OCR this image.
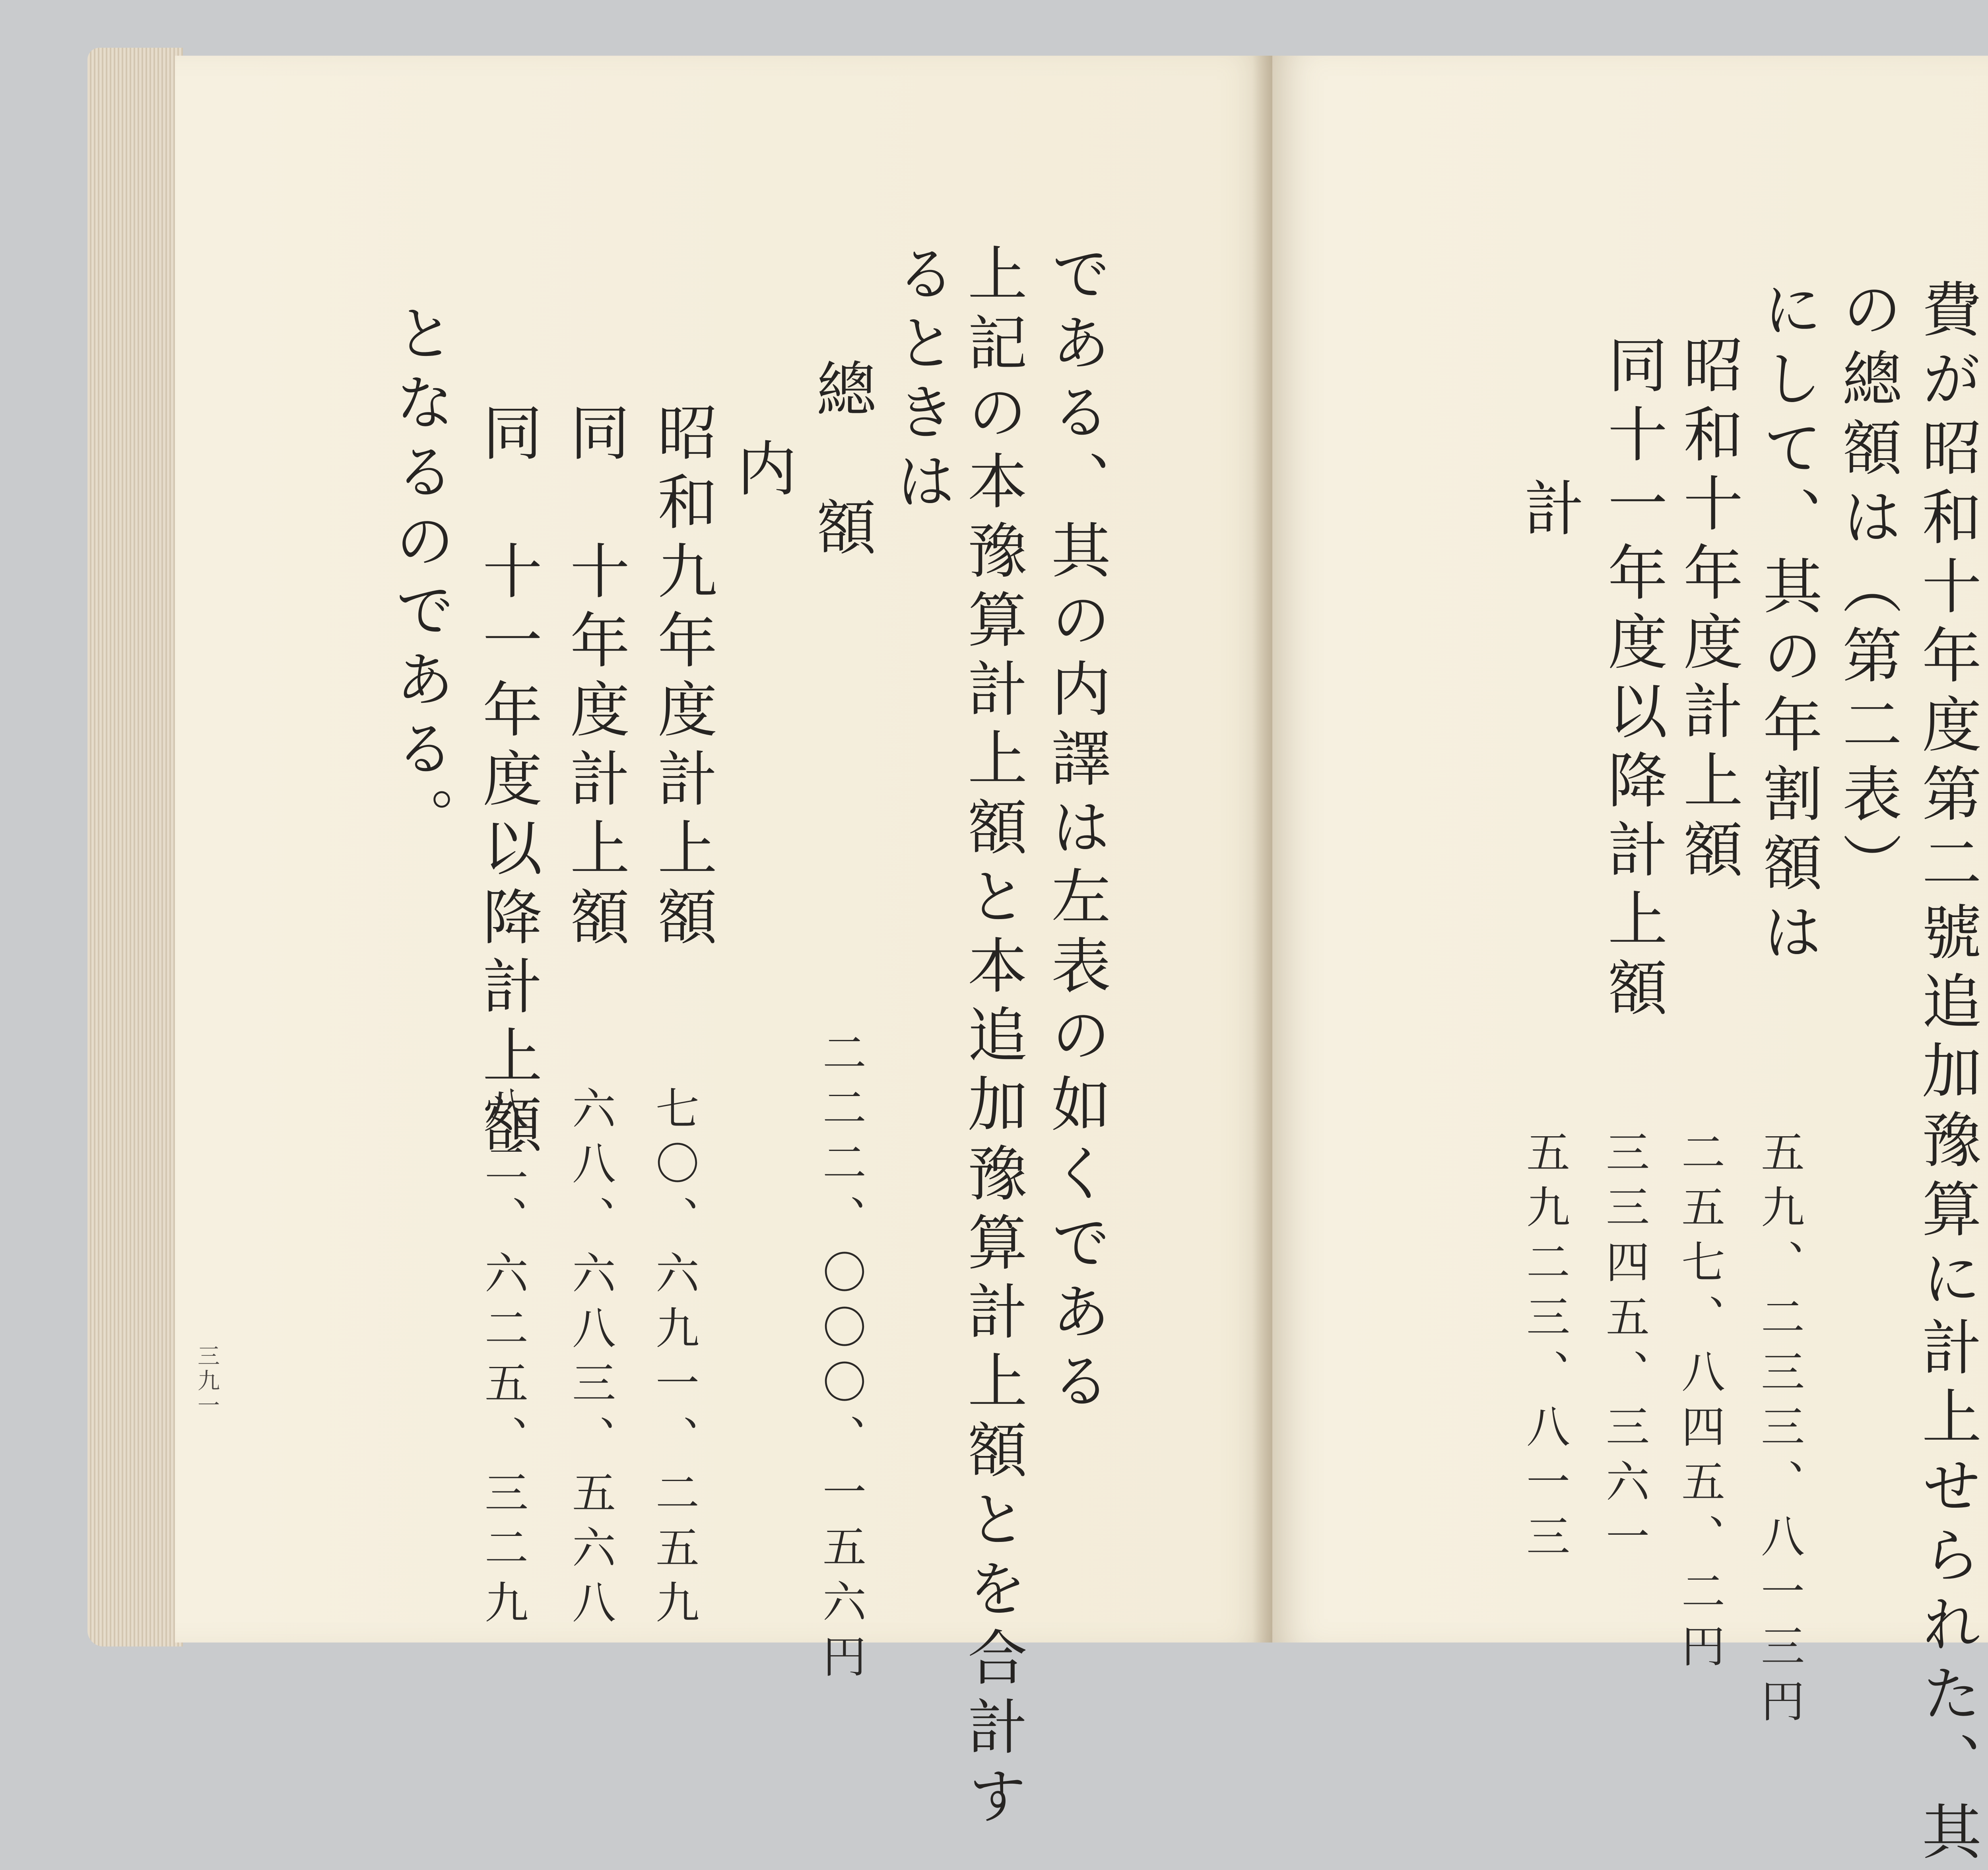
である、其の内譯は左表の如くである
上記の本豫算計上額と本追加豫算計上額とを合計す
るときは
總　額
内
昭和九年度計上額
同　十年度計上額
同　十一年度以降計上額
となるのである。
二二二、〇〇〇、一五六円
七〇、六九一、二五九
六八、六八三、五六八
八二、六二五、三二九
三九一	費が昭和十年度第二號追加豫算に計上せられた、其
の總額は（第二表）
にして、其の年割額は
昭和十年度計上額
同十一年度以降計上額
計
五九、二三三、八一三円
二五七、八四五、二円
三三四五、三六一
五九二三、八一三
